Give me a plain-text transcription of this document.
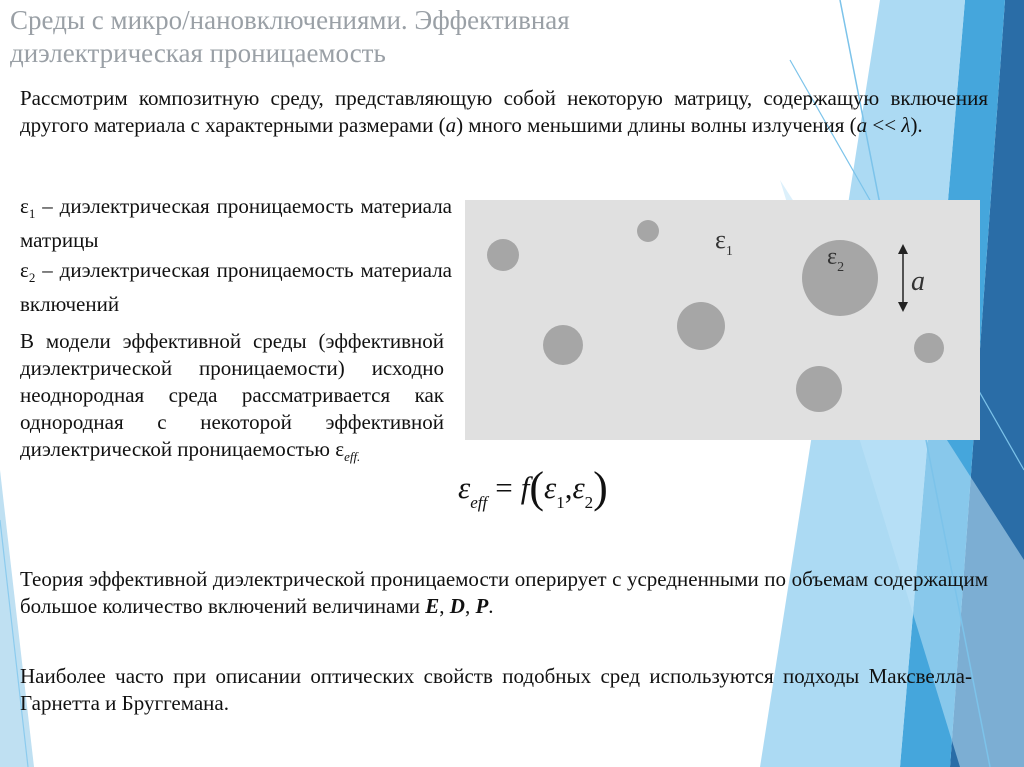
Среды с микро/нановключениями. Эффективная
диэлектрическая проницаемость
Рассмотрим композитную среду, представляющую собой некоторую матрицу, содержащую включения другого материала с характерными размерами (a) много меньшими длины волны излучения (a << λ).
$\varepsilon_1$ – диэлектрическая проницаемость материала матрицы
$\varepsilon_2$ – диэлектрическая проницаемость материала включений
В модели эффективной среды (эффективной диэлектрической проницаемости) исходно неоднородная среда рассматривается как однородная с некоторой эффективной диэлектрической проницаемостью $\varepsilon_{eff.}$
$\varepsilon_1$	$\varepsilon_2$ a
$\varepsilon_{eff} = f(\varepsilon_1,\varepsilon_2)$
Теория эффективной диэлектрической проницаемости оперирует с усредненными по объемам содержащим большое количество включений величинами E, D, P.
Наиболее часто при описании оптических свойств подобных сред используются подходы Максвелла-Гарнетта и Бруггемана.
